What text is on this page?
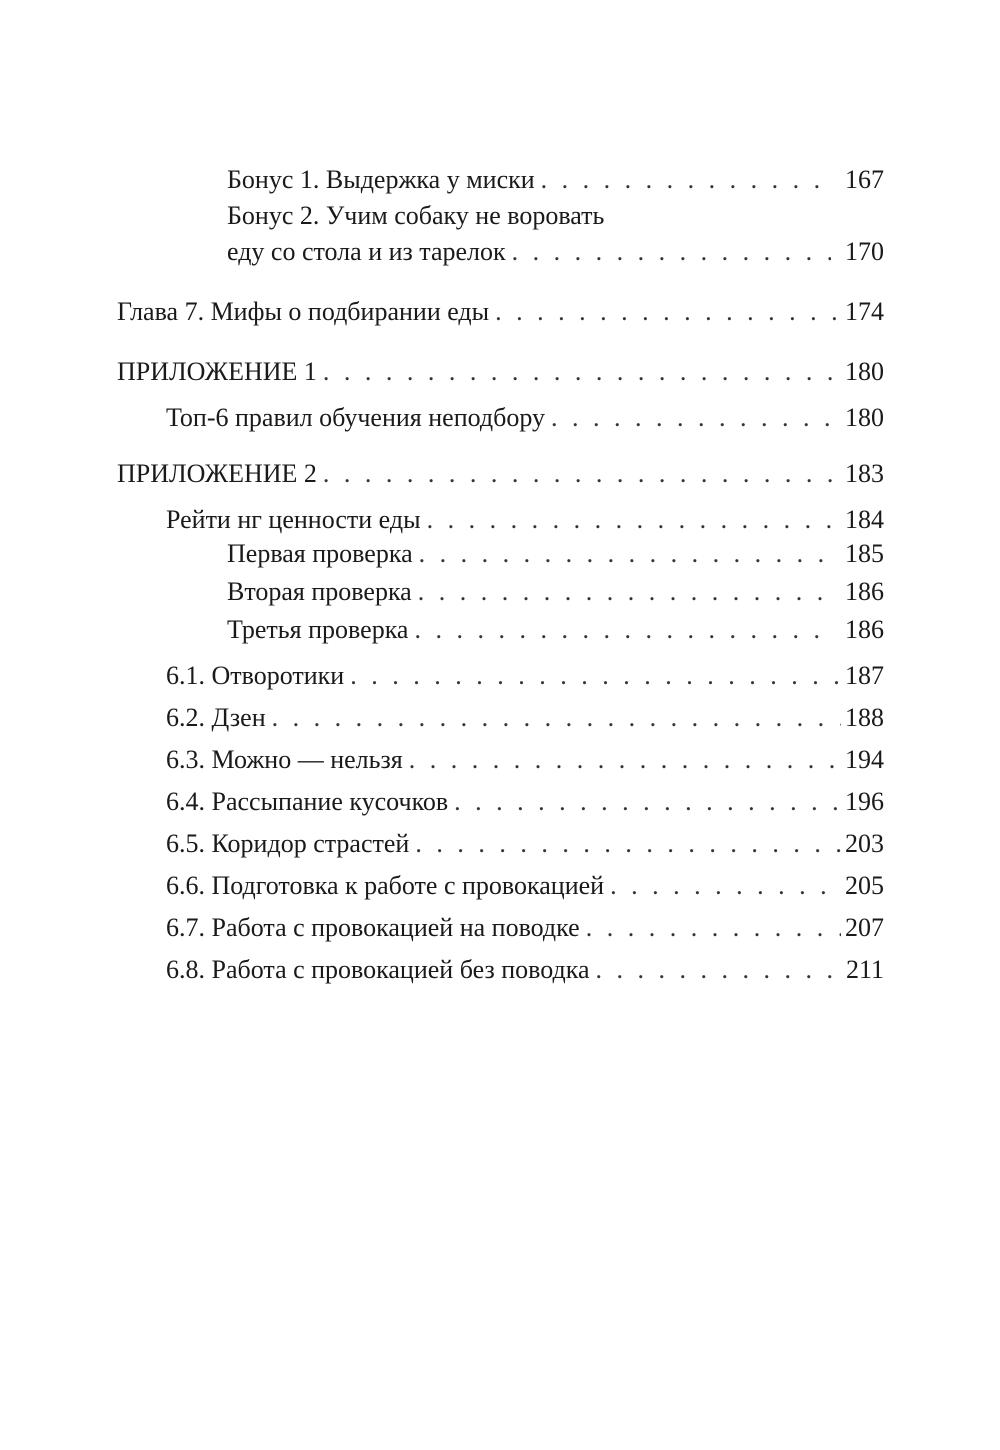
Бонус 1. Выдержка у миски . . .	167
Бонус 2. Учим собаку не воровать
еду со стола и из тарелок . . .	170
Глава 7. Мифы о подбирании еды . . .	174
ПРИЛОЖЕНИЕ 1 . . .	180
Топ-6 правил обучения неподбору . . .	180
ПРИЛОЖЕНИЕ 2 . . .	183
Рейти нг ценности еды . . .	184
Первая проверка . . .	185
Вторая проверка . . .	186
Третья проверка . . .	186
6.1. Отворотики . . .	187
6.2. Дзен . . .	188
6.3. Можно — нельзя . . .	194
6.4. Рассыпание кусочков . . .	196
6.5. Коридор страстей . . .	203
6.6. Подготовка к работе с провокацией . . .	205
6.7. Работа с провокацией на поводке . . .	207
6.8. Работа с провокацией без поводка . . .	211
